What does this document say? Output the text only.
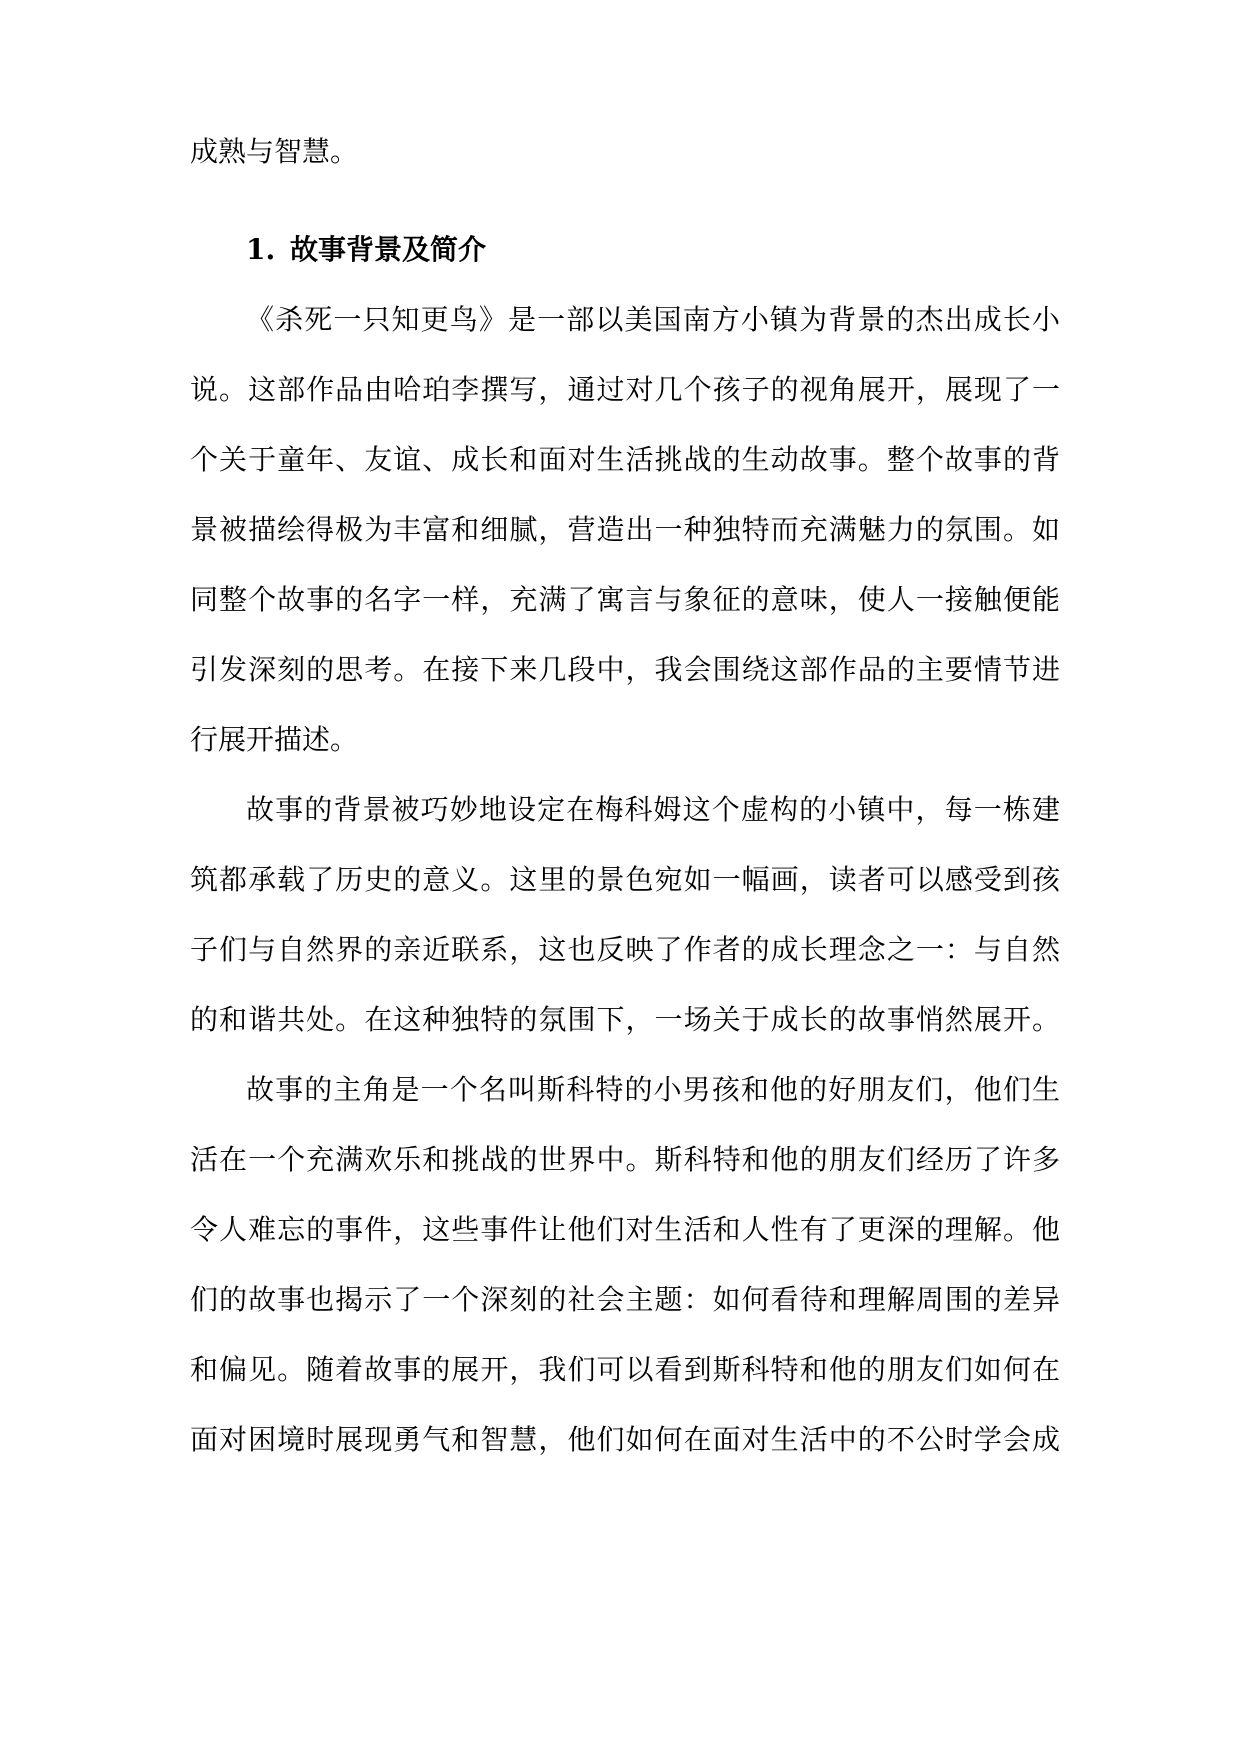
成熟与智慧。
1. 故事背景及简介
《杀死一只知更鸟》是一部以美国南方小镇为背景的杰出成长小
说。这部作品由哈珀李撰写，通过对几个孩子的视角展开，展现了一
个关于童年、友谊、成长和面对生活挑战的生动故事。整个故事的背
景被描绘得极为丰富和细腻，营造出一种独特而充满魅力的氛围。如
同整个故事的名字一样，充满了寓言与象征的意味，使人一接触便能
引发深刻的思考。在接下来几段中，我会围绕这部作品的主要情节进
行展开描述。
故事的背景被巧妙地设定在梅科姆这个虚构的小镇中，每一栋建
筑都承载了历史的意义。这里的景色宛如一幅画，读者可以感受到孩
子们与自然界的亲近联系，这也反映了作者的成长理念之一：与自然
的和谐共处。在这种独特的氛围下，一场关于成长的故事悄然展开。
故事的主角是一个名叫斯科特的小男孩和他的好朋友们，他们生
活在一个充满欢乐和挑战的世界中。斯科特和他的朋友们经历了许多
令人难忘的事件，这些事件让他们对生活和人性有了更深的理解。他
们的故事也揭示了一个深刻的社会主题：如何看待和理解周围的差异
和偏见。随着故事的展开，我们可以看到斯科特和他的朋友们如何在
面对困境时展现勇气和智慧，他们如何在面对生活中的不公时学会成
